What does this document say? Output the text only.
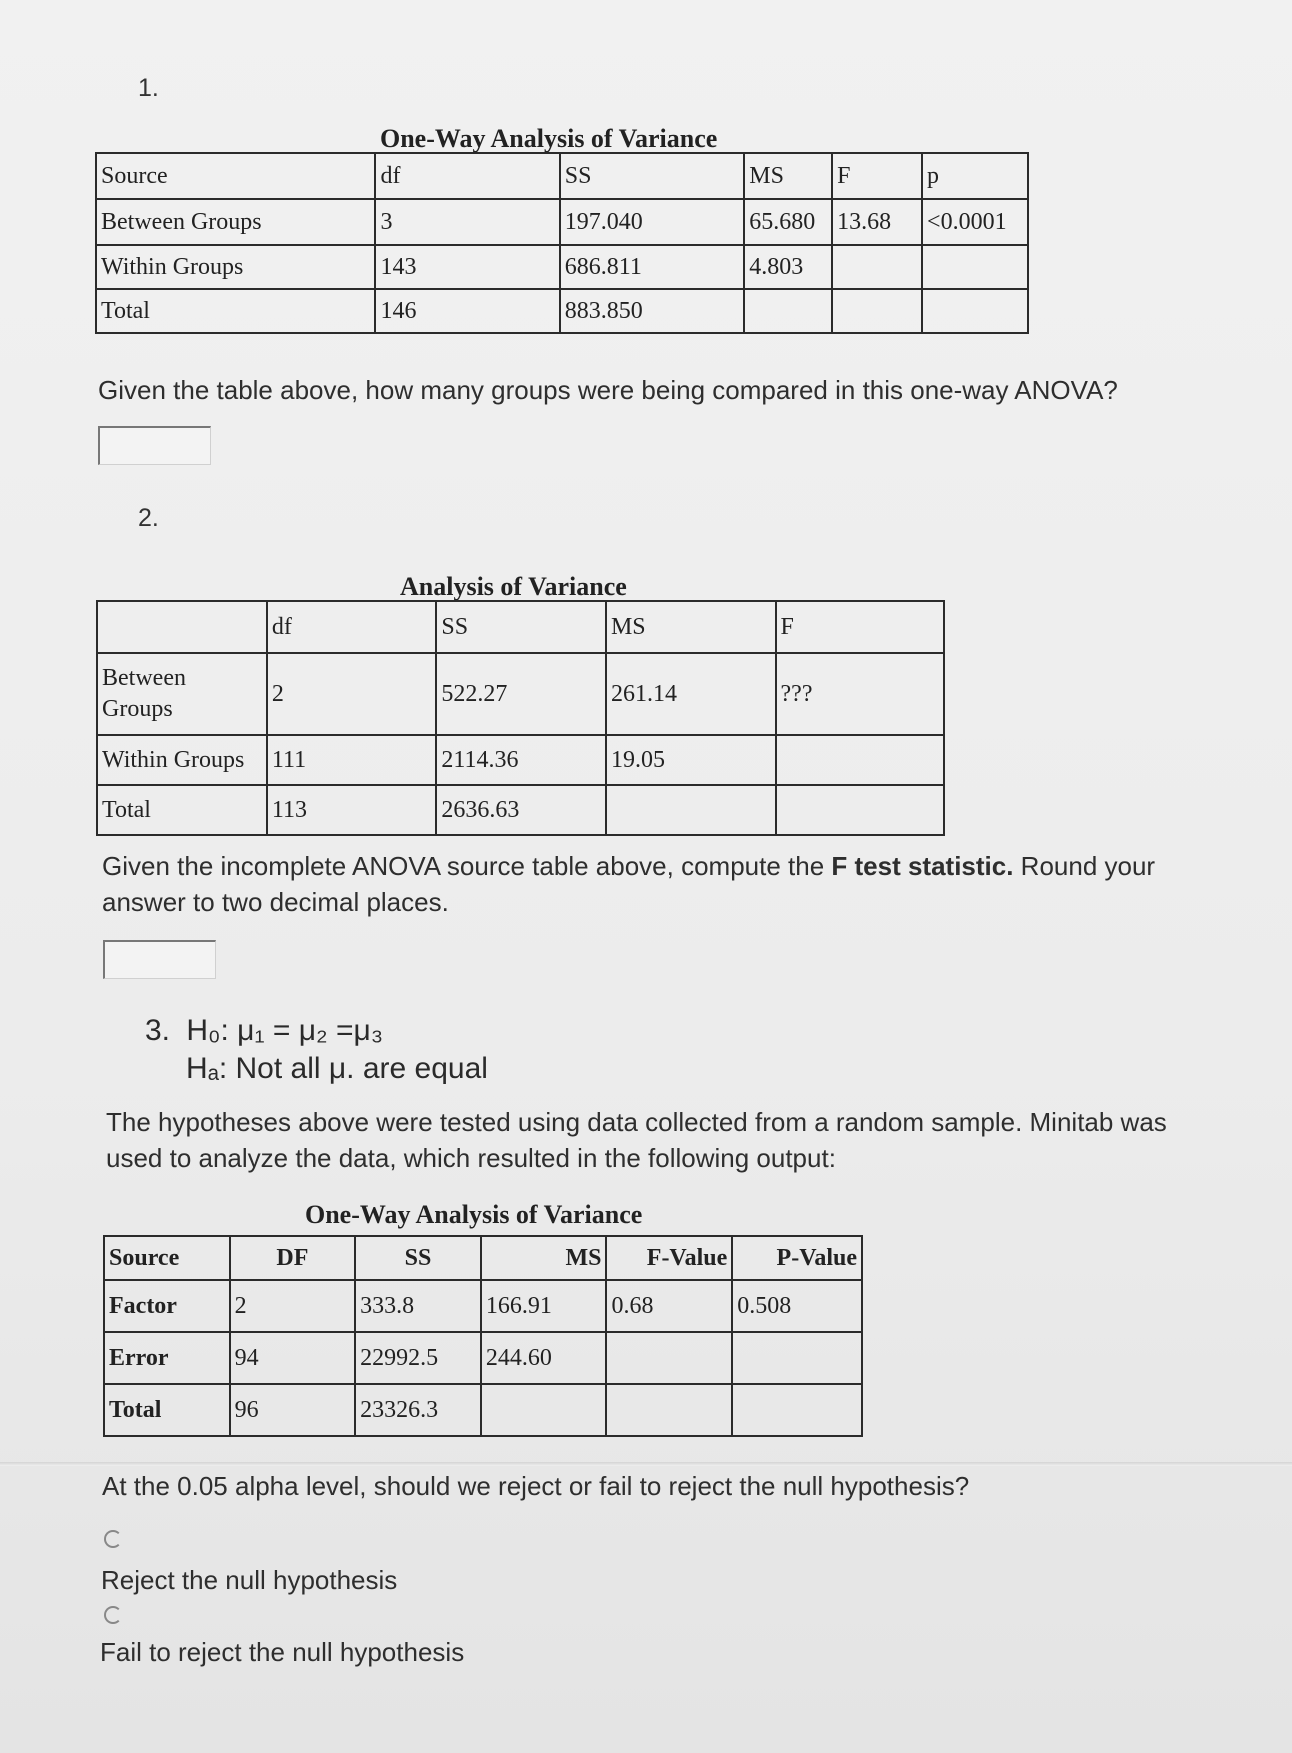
1.
One-Way Analysis of Variance
Source	df	SS	MS	F	p
Between Groups	3	197.040	65.680	13.68	<0.0001
Within Groups	143	686.811	4.803		
Total	146	883.850			
Given the table above, how many groups were being compared in this one-way ANOVA?
2.
Analysis of Variance
	df	SS	MS	F
Between Groups	2	522.27	261.14	???
Within Groups	111	2114.36	19.05	
Total	113	2636.63		
Given the incomplete ANOVA source table above, compute the F test statistic. Round your answer to two decimal places.
3. H₀: μ₁ = μ₂ =μ₃
Hₐ: Not all μ. are equal
The hypotheses above were tested using data collected from a random sample. Minitab was used to analyze the data, which resulted in the following output:
One-Way Analysis of Variance
Source	DF	SS	MS	F-Value	P-Value
Factor	2	333.8	166.91	0.68	0.508
Error	94	22992.5	244.60		
Total	96	23326.3			
At the 0.05 alpha level, should we reject or fail to reject the null hypothesis?
Reject the null hypothesis
Fail to reject the null hypothesis
